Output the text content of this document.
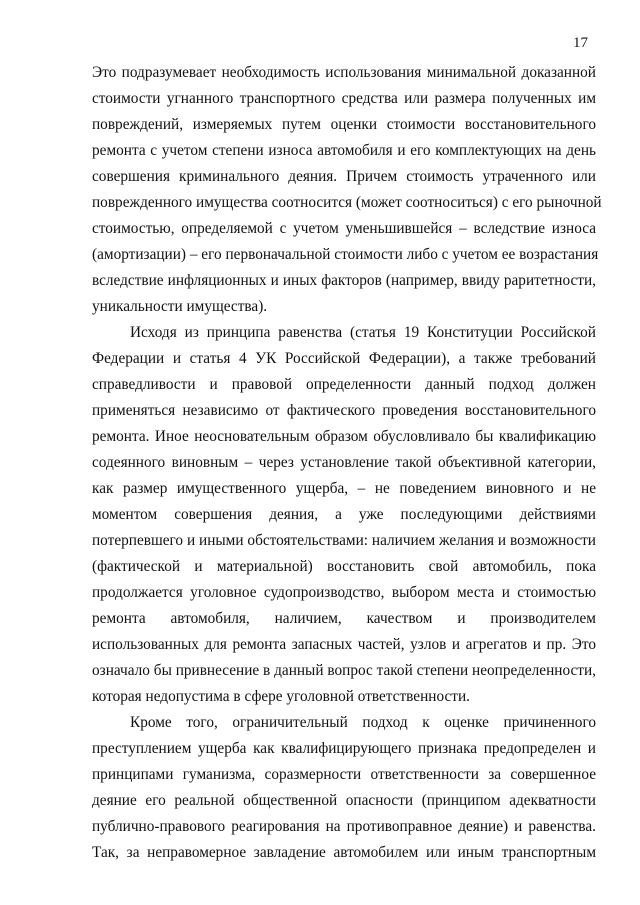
17
Это подразумевает необходимость использования минимальной доказанной
стоимости угнанного транспортного средства или размера полученных им
повреждений, измеряемых путем оценки стоимости восстановительного
ремонта с учетом степени износа автомобиля и его комплектующих на день
совершения криминального деяния. Причем стоимость утраченного или
поврежденного имущества соотносится (может соотноситься) с его рыночной
стоимостью, определяемой с учетом уменьшившейся – вследствие износа
(амортизации) – его первоначальной стоимости либо с учетом ее возрастания
вследствие инфляционных и иных факторов (например, ввиду раритетности,
уникальности имущества).
Исходя из принципа равенства (статья 19 Конституции Российской
Федерации и статья 4 УК Российской Федерации), а также требований
справедливости и правовой определенности данный подход должен
применяться независимо от фактического проведения восстановительного
ремонта. Иное неосновательным образом обусловливало бы квалификацию
содеянного виновным – через установление такой объективной категории,
как размер имущественного ущерба, – не поведением виновного и не
моментом совершения деяния, а уже последующими действиями
потерпевшего и иными обстоятельствами: наличием желания и возможности
(фактической и материальной) восстановить свой автомобиль, пока
продолжается уголовное судопроизводство, выбором места и стоимостью
ремонта автомобиля, наличием, качеством и производителем
использованных для ремонта запасных частей, узлов и агрегатов и пр. Это
означало бы привнесение в данный вопрос такой степени неопределенности,
которая недопустима в сфере уголовной ответственности.
Кроме того, ограничительный подход к оценке причиненного
преступлением ущерба как квалифицирующего признака предопределен и
принципами гуманизма, соразмерности ответственности за совершенное
деяние его реальной общественной опасности (принципом адекватности
публично-правового реагирования на противоправное деяние) и равенства.
Так, за неправомерное завладение автомобилем или иным транспортным
